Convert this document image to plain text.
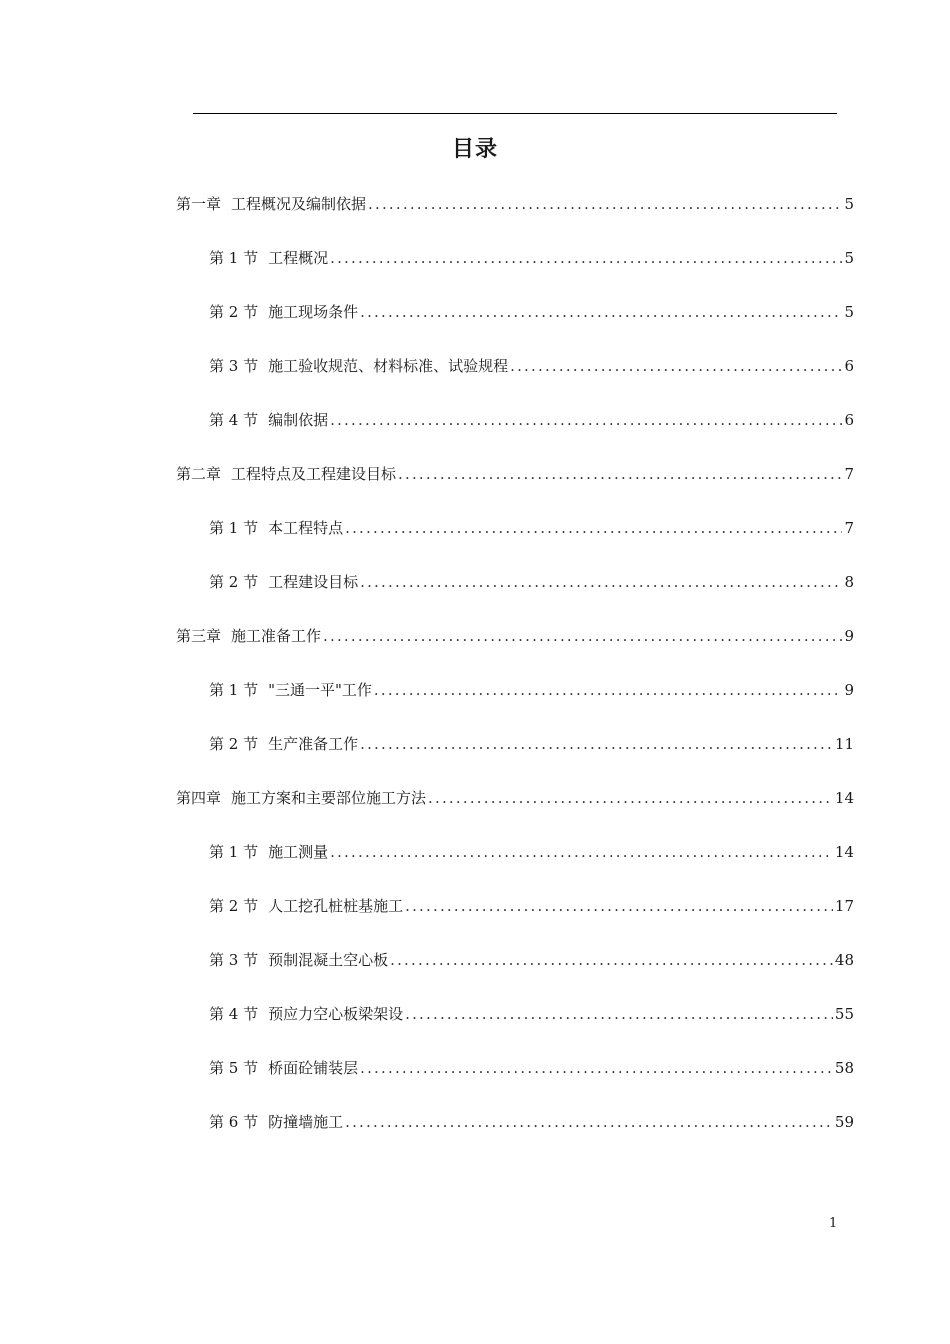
目录
第一章 工程概况及编制依据 .....	5
第 1 节 工程概况 .....	5
第 2 节 施工现场条件 .....	5
第 3 节 施工验收规范、材料标准、试验规程 .....	6
第 4 节 编制依据 .....	6
第二章 工程特点及工程建设目标 .....	7
第 1 节 本工程特点 .....	7
第 2 节 工程建设目标 .....	8
第三章 施工准备工作 .....	9
第 1 节 "三通一平"工作 .....	9
第 2 节 生产准备工作 .....	11
第四章 施工方案和主要部位施工方法 .....	14
第 1 节 施工测量 .....	14
第 2 节 人工挖孔桩桩基施工 .....	17
第 3 节 预制混凝土空心板 .....	48
第 4 节 预应力空心板梁架设 .....	55
第 5 节 桥面砼铺装层 .....	58
第 6 节 防撞墙施工 .....	59
1
